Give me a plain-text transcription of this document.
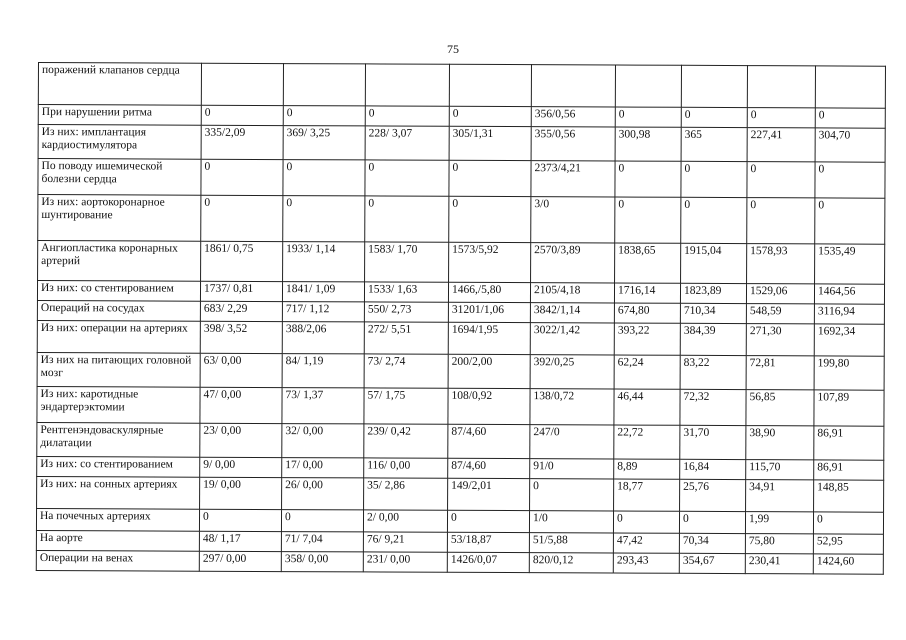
75
поражений клапанов сердца									
При нарушении ритма	0	0	0	0	356/0,56	0	0	0	0
Из них: имплантация кардиостимулятора	335/2,09	369/ 3,25	228/ 3,07	305/1,31	355/0,56	300,98	365	227,41	304,70
По поводу ишемической болезни сердца	0	0	0	0	2373/4,21	0	0	0	0
Из них: аортокоронарное шунтирование	0	0	0	0	3/0	0	0	0	0
Ангиопластика коронарных артерий	1861/ 0,75	1933/ 1,14	1583/ 1,70	1573/5,92	2570/3,89	1838,65	1915,04	1578,93	1535,49
Из них: со стентированием	1737/ 0,81	1841/ 1,09	1533/ 1,63	1466,/5,80	2105/4,18	1716,14	1823,89	1529,06	1464,56
Операций на сосудах	683/ 2,29	717/ 1,12	550/ 2,73	31201/1,06	3842/1,14	674,80	710,34	548,59	3116,94
Из них: операции на артериях	398/ 3,52	388/2,06	272/ 5,51	1694/1,95	3022/1,42	393,22	384,39	271,30	1692,34
Из них на питающих головной мозг	63/ 0,00	84/ 1,19	73/ 2,74	200/2,00	392/0,25	62,24	83,22	72,81	199,80
Из них: каротидные эндартерэктомии	47/ 0,00	73/ 1,37	57/ 1,75	108/0,92	138/0,72	46,44	72,32	56,85	107,89
Рентгенэндоваскулярные дилатации	23/ 0,00	32/ 0,00	239/ 0,42	87/4,60	247/0	22,72	31,70	38,90	86,91
Из них: со стентированием	9/ 0,00	17/ 0,00	116/ 0,00	87/4,60	91/0	8,89	16,84	115,70	86,91
Из них: на сонных артериях	19/ 0,00	26/ 0,00	35/ 2,86	149/2,01	0	18,77	25,76	34,91	148,85
На почечных артериях	0	0	2/ 0,00	0	1/0	0	0	1,99	0
На аорте	48/ 1,17	71/ 7,04	76/ 9,21	53/18,87	51/5,88	47,42	70,34	75,80	52,95
Операции на венах	297/ 0,00	358/ 0,00	231/ 0,00	1426/0,07	820/0,12	293,43	354,67	230,41	1424,60
